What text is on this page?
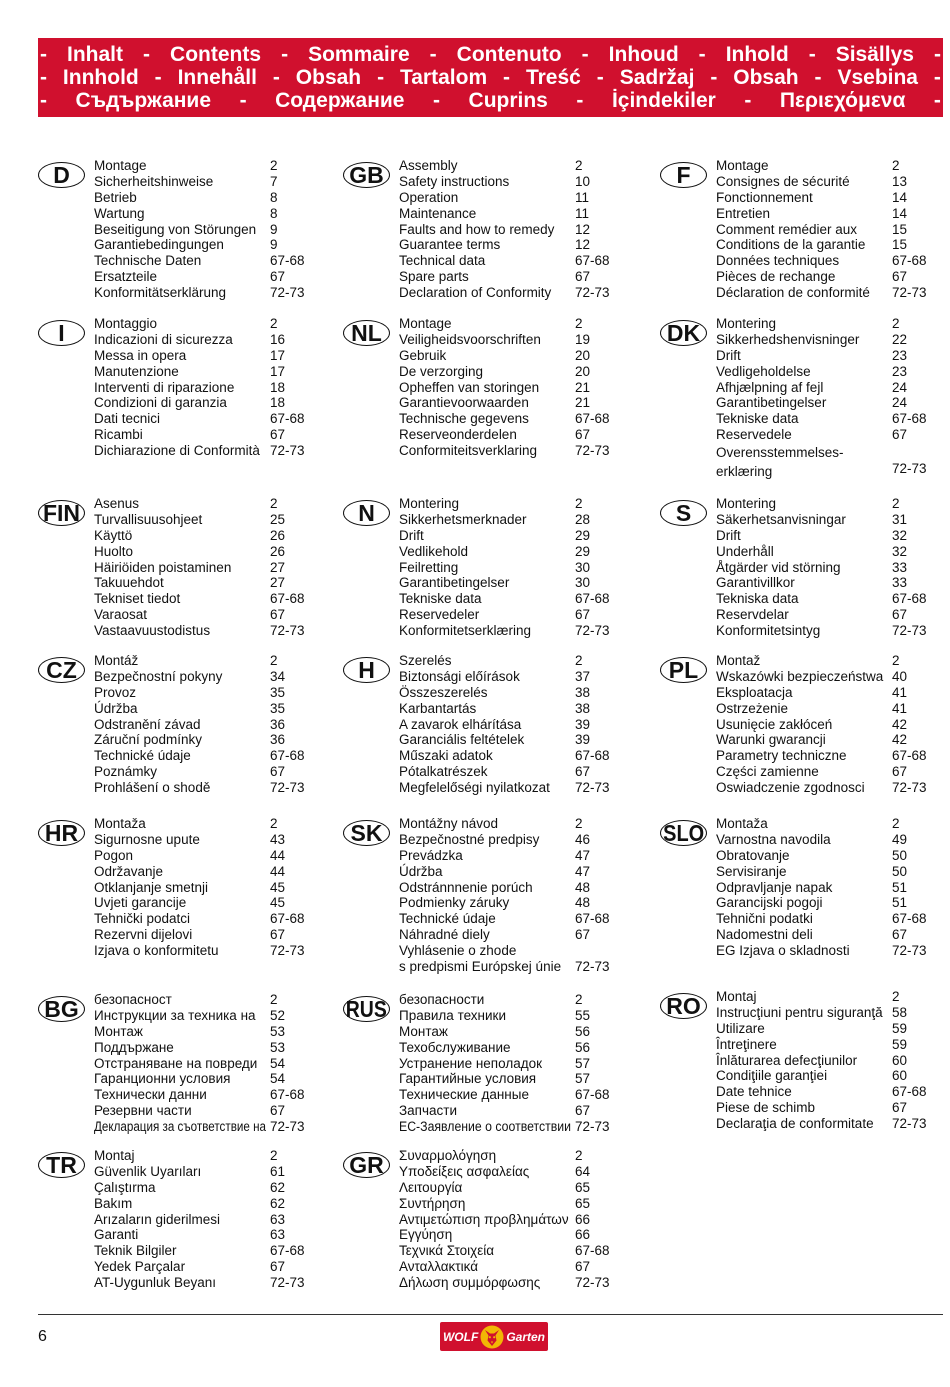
- Inhalt - Contents - Sommaire - Contenuto - Inhoud - Inhold - Sisällys -
- Innhold - Innehåll - Obsah - Tartalom - Treść - Sadržaj - Obsah - Vsebina -
- Съдържание - Содержание - Cuprins - İçindekiler - Περιεχόμενα -
D Montage	2
Sicherheitshinweise	7
Betrieb	8
Wartung	8
Beseitigung von Störungen	9
Garantiebedingungen	9
Technische Daten	67-68
Ersatzteile	67
Konformitätserklärung	72-73
GB Assembly	2
Safety instructions	10
Operation	11
Maintenance	11
Faults and how to remedy	12
Guarantee terms	12
Technical data	67-68
Spare parts	67
Declaration of Conformity	72-73
F Montage	2
Consignes de sécurité	13
Fonctionnement	14
Entretien	14
Comment remédier aux	15
Conditions de la garantie	15
Données techniques	67-68
Pièces de rechange	67
Déclaration de conformité	72-73
I Montaggio	2
Indicazioni di sicurezza	16
Messa in opera	17
Manutenzione	17
Interventi di riparazione	18
Condizioni di garanzia	18
Dati tecnici	67-68
Ricambi	67
Dichiarazione di Conformità 72-73
NL Montage	2
Veiligheidsvoorschriften	19
Gebruik	20
De verzorging	20
Opheffen van storingen	21
Garantievoorwaarden	21
Technische gegevens	67-68
Reserveonderdelen	67
Conformiteitsverklaring	72-73
DK Montering	2
Sikkerhedshenvisninger	22
Drift	23
Vedligeholdelse	23
Afhjælpning af fejl	24
Garantibetingelser	24
Tekniske data	67-68
Reservedele	67
Overensstemmelses-
erklæring	72-73
FIN Asenus	2
Turvallisuusohjeet	25
Käyttö	26
Huolto	26
Häiriöiden poistaminen	27
Takuuehdot	27
Tekniset tiedot	67-68
Varaosat	67
Vastaavuustodistus	72-73
N Montering	2
Sikkerhetsmerknader	28
Drift	29
Vedlikehold	29
Feilretting	30
Garantibetingelser	30
Tekniske data	67-68
Reservedeler	67
Konformitetserklæring	72-73
S Montering	2
Säkerhetsanvisningar	31
Drift	32
Underhåll	32
Åtgärder vid störning	33
Garantivillkor	33
Tekniska data	67-68
Reservdelar	67
Konformitetsintyg	72-73
CZ Montáž	2
Bezpečnostní pokyny	34
Provoz	35
Údržba	35
Odstranění závad	36
Záruční podmínky	36
Technické údaje	67-68
Poznámky	67
Prohlášení o shodě	72-73
H Szerelés	2
Biztonsági előírások	37
Összeszerelés	38
Karbantartás	38
A zavarok elhárítása	39
Garanciális feltételek	39
Műszaki adatok	67-68
Pótalkatrészek	67
Megfelelőségi nyilatkozat	72-73
PL Montaž	2
Wskazówki bezpieczeństwa 40
Eksploatacja	41
Ostrzeżenie	41
Usunięcie zakłóceń	42
Warunki gwarancji	42
Parametry techniczne	67-68
Części zamienne	67
Oswiadczenie zgodnosci	72-73
HR Montaža	2
Sigurnosne upute	43
Pogon	44
Održavanje	44
Otklanjanje smetnji	45
Uvjeti garancije	45
Tehnički podatci	67-68
Rezervni dijelovi	67
Izjava o konformitetu	72-73
SK Montážny návod	2
Bezpečnostné predpisy	46
Prevádzka	47
Údržba	47
Odstránnnenie porúch	48
Podmienky záruky	48
Technické údaje	67-68
Náhradné diely	67
Vyhlásenie o zhode
s predpismi Európskej únie	72-73
SLO Montaža	2
Varnostna navodila	49
Obratovanje	50
Servisiranje	50
Odpravljanje napak	51
Garancijski pogoji	51
Tehnični podatki	67-68
Nadomestni deli	67
EG Izjava o skladnosti	72-73
BG безопасност	2
Инструкции за техника на	52
Монтаж	53
Поддържане	53
Отстраняване на повреди 54
Гаранционни условия	54
Технически данни	67-68
Резервни части	67
Декларация за съответствие на 72-73
RUS безопасности	2
Правила техники	55
Монтаж	56
Техобслуживание	56
Устранение неполадок	57
Гарантийные условия	57
Технические данные	67-68
Запчасти	67
EC-Заявление о соответствии 72-73
RO Montaj	2
Instrucţiuni pentru siguranţă 58
Utilizare	59
Întreţinere	59
Înlăturarea defecţiunilor	60
Condiţiile garanţiei	60
Date tehnice	67-68
Piese de schimb	67
Declaraţia de conformitate	72-73
TR Montaj	2
Güvenlik Uyarıları	61
Çalıştırma	62
Bakım	62
Arızaların giderilmesi	63
Garanti	63
Teknik Bilgiler	67-68
Yedek Parçalar	67
AT-Uygunluk Beyanı	72-73
GR Συναρμολόγηση	2
Υποδείξεις ασφαλείας	64
Λειτουργία	65
Συντήρηση	65
Αντιμετώπιση προβλημάτων 66
Εγγύηση	66
Τεχνικά Στοιχεία	67-68
Ανταλλακτικά	67
Δήλωση συμμόρφωσης	72-73
6	WOLF Garten
